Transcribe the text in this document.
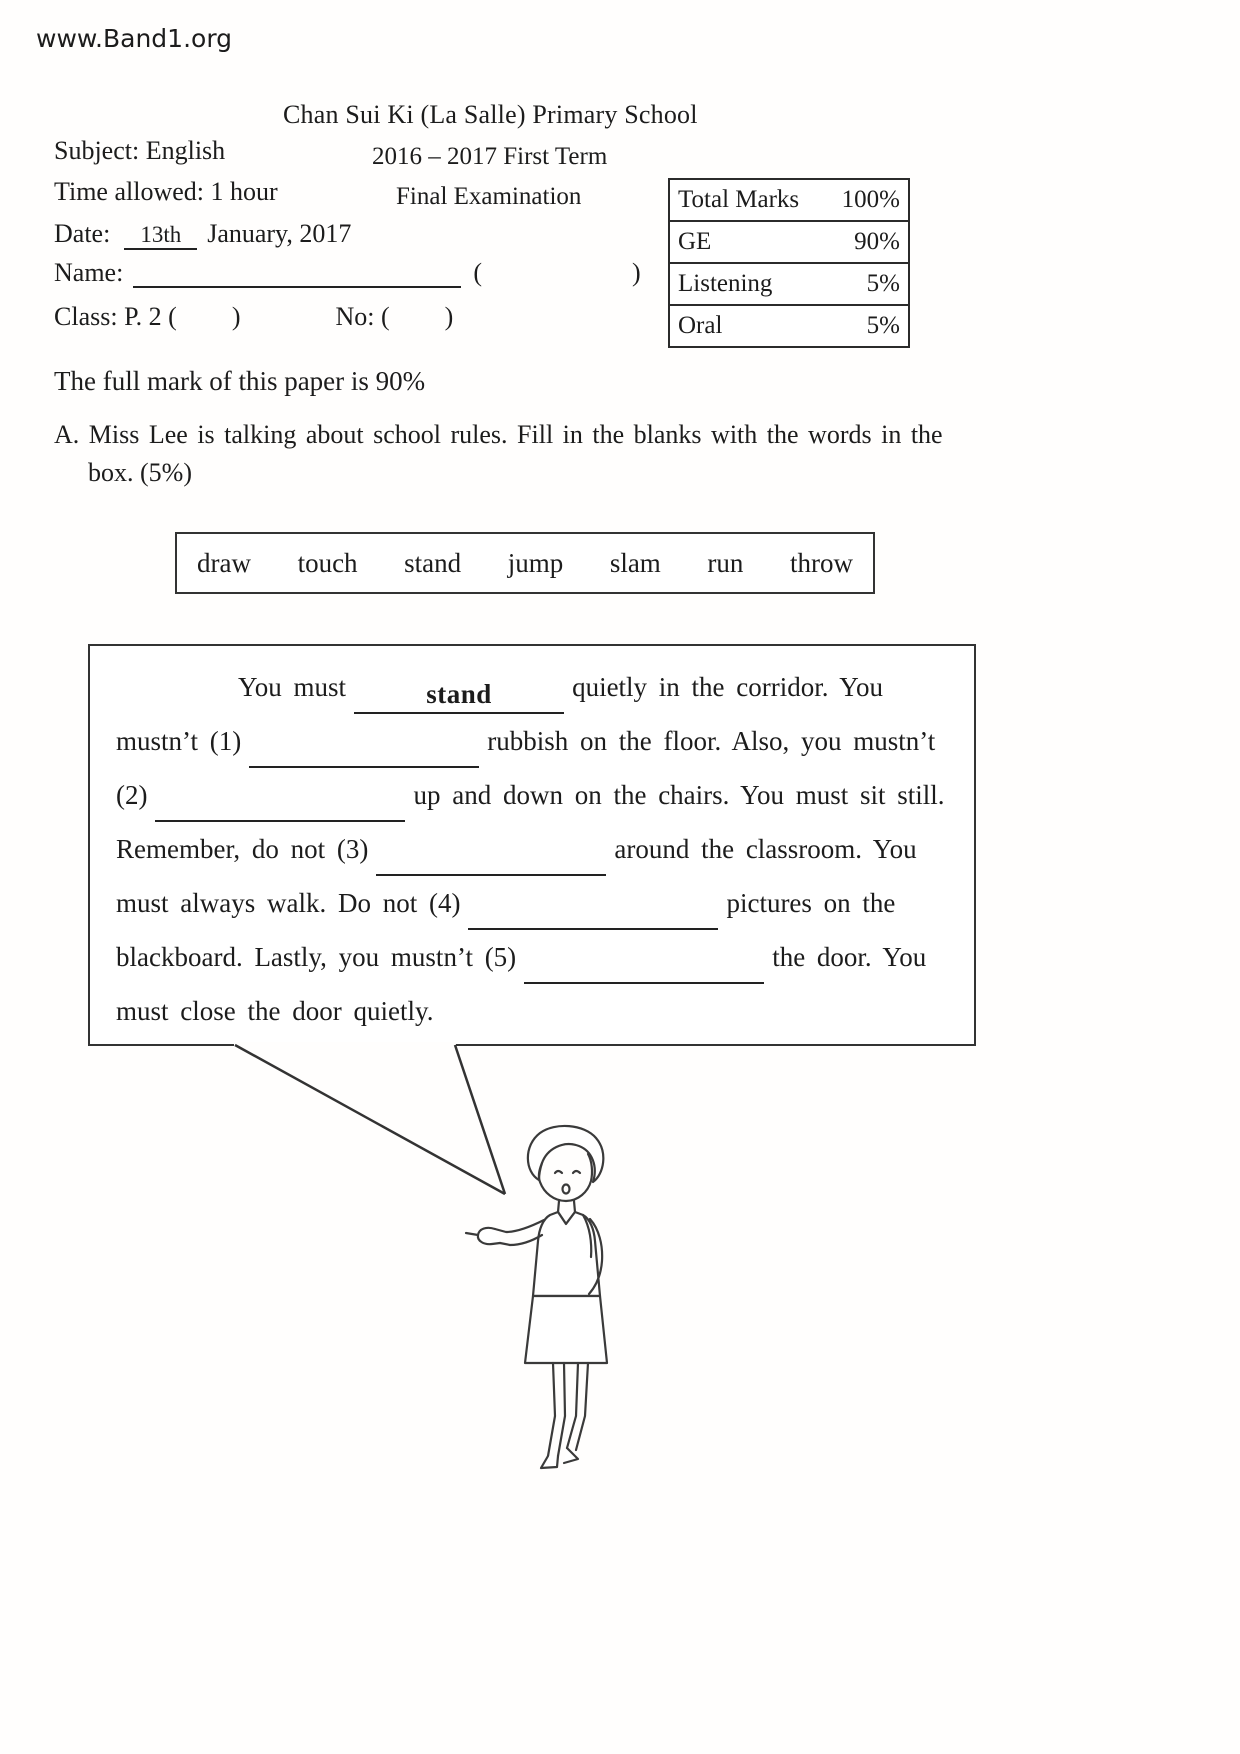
www.Band1.org
Chan Sui Ki (La Salle) Primary School
2016 – 2017 First Term
Final Examination
Subject: English
Time allowed: 1 hour
Date: 13th January, 2017
Name:	(	)
Class: P. 2 ( )	No: ( )
Total Marks 100%
GE	90%
Listening	5%
Oral	5%
The full mark of this paper is 90%
A. Miss Lee is talking about school rules. Fill in the blanks with the words in the
box. (5%)
draw touch stand jump slam run throw
You must	stand	quietly in the corridor. You
mustn’t (1)	rubbish on the floor. Also, you mustn’t
(2)	up and down on the chairs. You must sit still.
Remember, do not (3)	around the classroom. You
must always walk. Do not (4)	pictures on the
blackboard. Lastly, you mustn’t (5)	the door. You
must close the door quietly.
